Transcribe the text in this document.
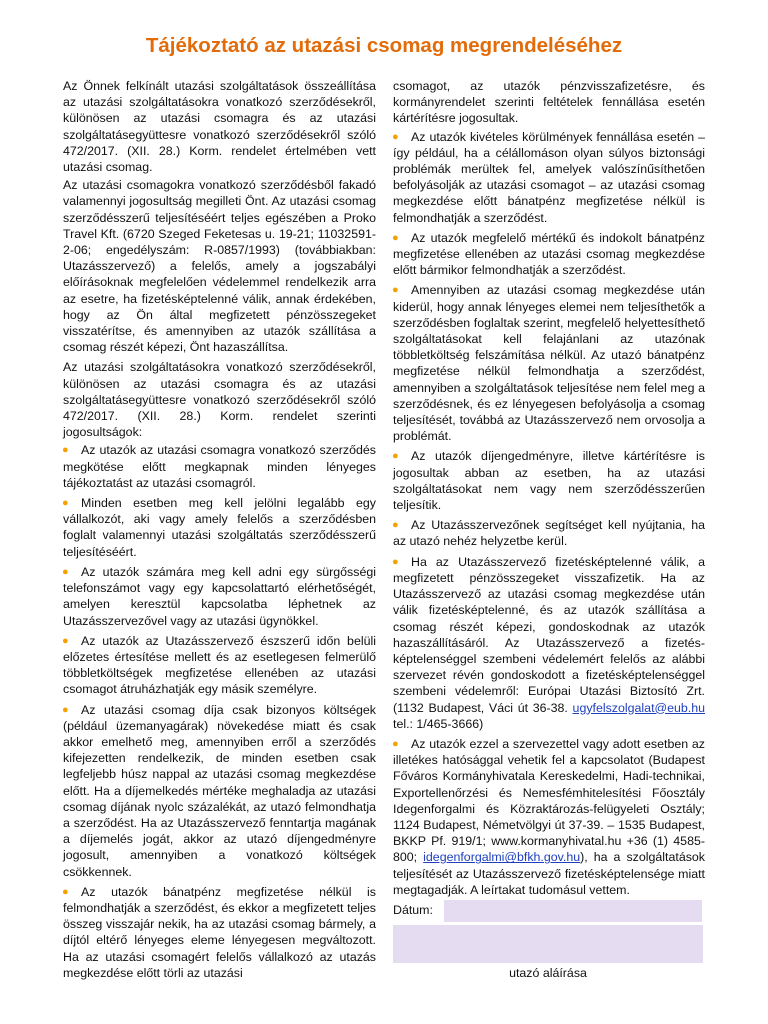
Tájékoztató az utazási csomag megrendeléséhez

Az Önnek felkínált utazási szolgáltatások összeállítása az utazási szolgáltatásokra vonatkozó szerződésekről, különösen az utazási csomagra és az utazási szolgáltatásegyüttesre vonatkozó szerződésekről szóló 472/2017. (XII. 28.) Korm. rendelet értelmében vett utazási csomag.

Az utazási csomagokra vonatkozó szerződésből fakadó valamennyi jogosultság megilleti Önt. Az utazási csomag szerződésszerű teljesítéséért teljes egészében a Proko Travel Kft. (6720 Szeged Feketesas u. 19-21; 11032591-2-06; engedélyszám: R-0857/1993) (továbbiakban: Utazásszervező) a felelős, amely a jogszabályi előírásoknak megfelelően védelemmel rendelkezik arra az esetre, ha fizetésképtelenné válik, annak érdekében, hogy az Ön által megfizetett pénzösszegeket visszatérítse, és amennyiben az utazók szállítása a csomag részét képezi, Önt hazaszállítsa.

Az utazási szolgáltatásokra vonatkozó szerződésekről, különösen az utazási csomagra és az utazási szolgáltatásegyüttesre vonatkozó szerződésekről szóló 472/2017. (XII. 28.) Korm. rendelet szerinti jogosultságok:

● Az utazók az utazási csomagra vonatkozó szerződés megkötése előtt megkapnak minden lényeges tájékoztatást az utazási csomagról.
● Minden esetben meg kell jelölni legalább egy vállalkozót, aki vagy amely felelős a szerződésben foglalt valamennyi utazási szolgáltatás szerződésszerű teljesítéséért.
● Az utazók számára meg kell adni egy sürgősségi telefonszámot vagy egy kapcsolattartó elérhetőségét, amelyen keresztül kapcsolatba léphetnek az Utazásszervezővel vagy az utazási ügynökkel.
● Az utazók az Utazásszervező észszerű időn belüli előzetes értesítése mellett és az esetlegesen felmerülő többletköltségek megfizetése ellenében az utazási csomagot átruházhatják egy másik személyre.
● Az utazási csomag díja csak bizonyos költségek (például üzemanyagárak) növekedése miatt és csak akkor emelhető meg, amennyiben erről a szerződés kifejezetten rendelkezik, de minden esetben csak legfeljebb húsz nappal az utazási csomag megkezdése előtt. Ha a díjemelkedés mértéke meghaladja az utazási csomag díjának nyolc százalékát, az utazó felmondhatja a szerződést. Ha az Utazásszervező fenntartja magának a díjemelés jogát, akkor az utazó díjengedményre jogosult, amennyiben a vonatkozó költségek csökkennek.
● Az utazók bánatpénz megfizetése nélkül is felmondhatják a szerződést, és ekkor a megfizetett teljes összeg visszajár nekik, ha az utazási csomag bármely, a díjtól eltérő lényeges eleme lényegesen megváltozott. Ha az utazási csomagért felelős vállalkozó az utazás megkezdése előtt törli az utazási

csomagot, az utazók pénzvisszafizetésre, és kormányrendelet szerinti feltételek fennállása esetén kártérítésre jogosultak.

● Az utazók kivételes körülmények fennállása esetén – így például, ha a célállomáson olyan súlyos biztonsági problémák merültek fel, amelyek valószínűsíthetően befolyásolják az utazási csomagot – az utazási csomag megkezdése előtt bánatpénz megfizetése nélkül is felmondhatják a szerződést.
● Az utazók megfelelő mértékű és indokolt bánatpénz megfizetése ellenében az utazási csomag megkezdése előtt bármikor felmondhatják a szerződést.
● Amennyiben az utazási csomag megkezdése után kiderül, hogy annak lényeges elemei nem teljesíthetők a szerződésben foglaltak szerint, megfelelő helyettesíthető szolgáltatásokat kell felajánlani az utazónak többletköltség felszámítása nélkül. Az utazó bánatpénz megfizetése nélkül felmondhatja a szerződést, amennyiben a szolgáltatások teljesítése nem felel meg a szerződésnek, és ez lényegesen befolyásolja a csomag teljesítését, továbbá az Utazásszervező nem orvosolja a problémát.
● Az utazók díjengedményre, illetve kártérítésre is jogosultak abban az esetben, ha az utazási szolgáltatásokat nem vagy nem szerződésszerűen teljesítik.
● Az Utazásszervezőnek segítséget kell nyújtania, ha az utazó nehéz helyzetbe kerül.
● Ha az Utazásszervező fizetésképtelenné válik, a megfizetett pénzösszegeket visszafizetik. Ha az Utazásszervező az utazási csomag megkezdése után válik fizetésképtelenné, és az utazók szállítása a csomag részét képezi, gondoskodnak az utazók hazaszállításáról. Az Utazásszervező a fizetés-képtelenséggel szembeni védelemért felelős az alábbi szervezet révén gondoskodott a fizetésképtelenséggel szembeni védelemről: Európai Utazási Biztosító Zrt. (1132 Budapest, Váci út 36-38. ugyfelszolgalat@eub.hu tel.: 1/465-3666)
● Az utazók ezzel a szervezettel vagy adott esetben az illetékes hatósággal vehetik fel a kapcsolatot (Budapest Főváros Kormányhivatala Kereskedelmi, Hadi-technikai, Exportellenőrzési és Nemesfémhitelesítési Főosztály Idegenforgalmi és Közraktározás-felügyeleti Osztály; 1124 Budapest, Németvölgyi út 37-39. – 1535 Budapest, BKKP Pf. 919/1; www.kormanyhivatal.hu +36 (1) 4585-800; idegenforgalmi@bfkh.gov.hu), ha a szolgáltatások teljesítését az Utazásszervező fizetésképtelensége miatt megtagadják. A leírtakat tudomásul vettem.
Dátum:
utazó aláírása
